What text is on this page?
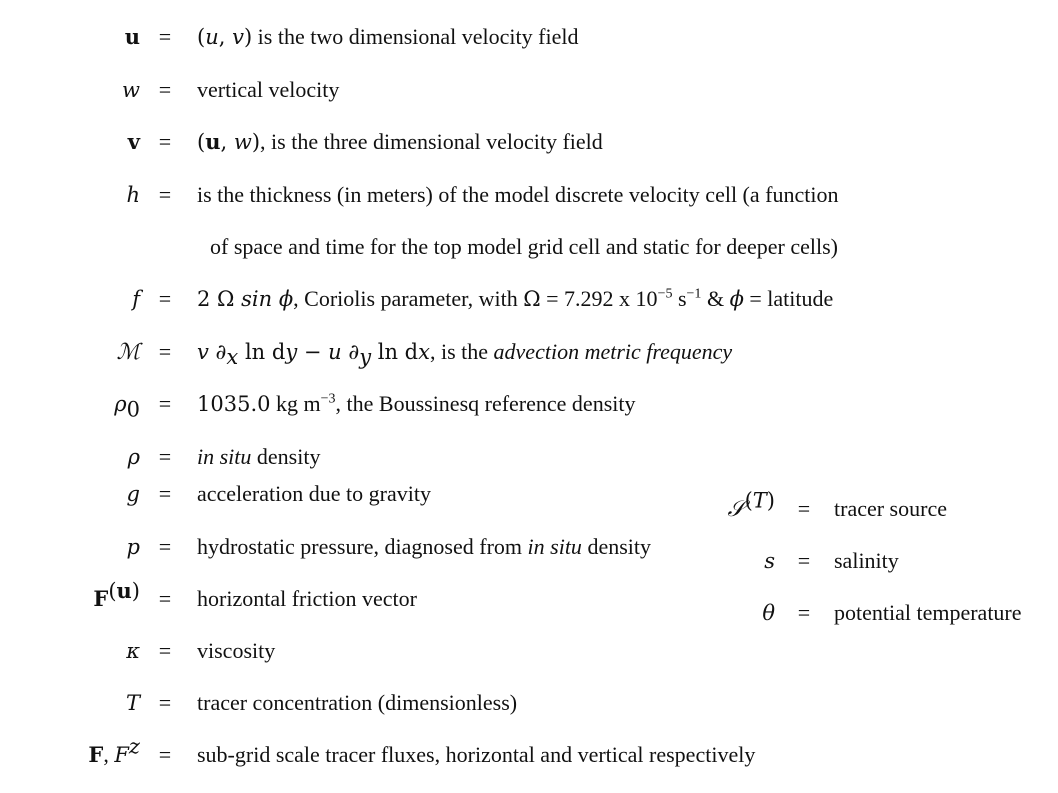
u = (u, v) is the two dimensional velocity field
w = vertical velocity
v = (u, w), is the three dimensional velocity field
h = is the thickness (in meters) of the model discrete velocity cell (a function
of space and time for the top model grid cell and static for deeper cells)
f = 2 Ω sin ϕ, Coriolis parameter, with Ω = 7.292 x $10^{-5}$ $s^{-1}$ & ϕ = latitude
ℳ = v $\partial_x$ ln dy − u $\partial_y$ ln dx, is the advection metric frequency
$\rho_0 = 1035.0$ kg $m^{-3}$, the Boussinesq reference density
ρ = in situ density
g = acceleration due to gravity
p = hydrostatic pressure, diagnosed from in situ density
$F^{(u)}$ = horizontal friction vector
κ = viscosity
T = tracer concentration (dimensionless)
F, $F^z$ = sub-grid scale tracer fluxes, horizontal and vertical respectively
𝒮$^{(T)}$ = tracer source
s = salinity
θ = potential temperature
